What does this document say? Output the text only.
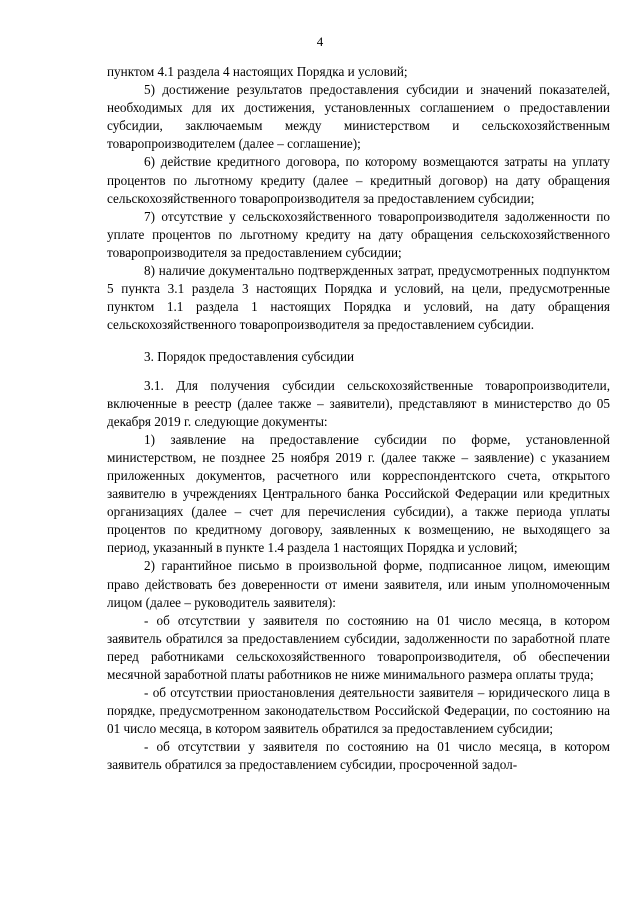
4

пунктом 4.1 раздела 4 настоящих Порядка и условий;

5) достижение результатов предоставления субсидии и значений показателей, необходимых для их достижения, установленных соглашением о предоставлении субсидии, заключаемым между министерством и сельскохозяйственным товаропроизводителем (далее – соглашение);

6) действие кредитного договора, по которому возмещаются затраты на уплату процентов по льготному кредиту (далее – кредитный договор) на дату обращения сельскохозяйственного товаропроизводителя за предоставлением субсидии;

7) отсутствие у сельскохозяйственного товаропроизводителя задолженности по уплате процентов по льготному кредиту на дату обращения сельскохозяйственного товаропроизводителя за предоставлением субсидии;

8) наличие документально подтвержденных затрат, предусмотренных подпунктом 5 пункта 3.1 раздела 3 настоящих Порядка и условий, на цели, предусмотренные пунктом 1.1 раздела 1 настоящих Порядка и условий, на дату обращения сельскохозяйственного товаропроизводителя за предоставлением субсидии.

3. Порядок предоставления субсидии

3.1. Для получения субсидии сельскохозяйственные товаропроизводители, включенные в реестр (далее также – заявители), представляют в министерство до 05 декабря 2019 г. следующие документы:

1) заявление на предоставление субсидии по форме, установленной министерством, не позднее 25 ноября 2019 г. (далее также – заявление) с указанием приложенных документов, расчетного или корреспондентского счета, открытого заявителю в учреждениях Центрального банка Российской Федерации или кредитных организациях (далее – счет для перечисления субсидии), а также периода уплаты процентов по кредитному договору, заявленных к возмещению, не выходящего за период, указанный в пункте 1.4 раздела 1 настоящих Порядка и условий;

2) гарантийное письмо в произвольной форме, подписанное лицом, имеющим право действовать без доверенности от имени заявителя, или иным уполномоченным лицом (далее – руководитель заявителя):

- об отсутствии у заявителя по состоянию на 01 число месяца, в котором заявитель обратился за предоставлением субсидии, задолженности по заработной плате перед работниками сельскохозяйственного товаропроизводителя, об обеспечении месячной заработной платы работников не ниже минимального размера оплаты труда;

- об отсутствии приостановления деятельности заявителя – юридического лица в порядке, предусмотренном законодательством Российской Федерации, по состоянию на 01 число месяца, в котором заявитель обратился за предоставлением субсидии;

- об отсутствии у заявителя по состоянию на 01 число месяца, в котором заявитель обратился за предоставлением субсидии, просроченной задол-
